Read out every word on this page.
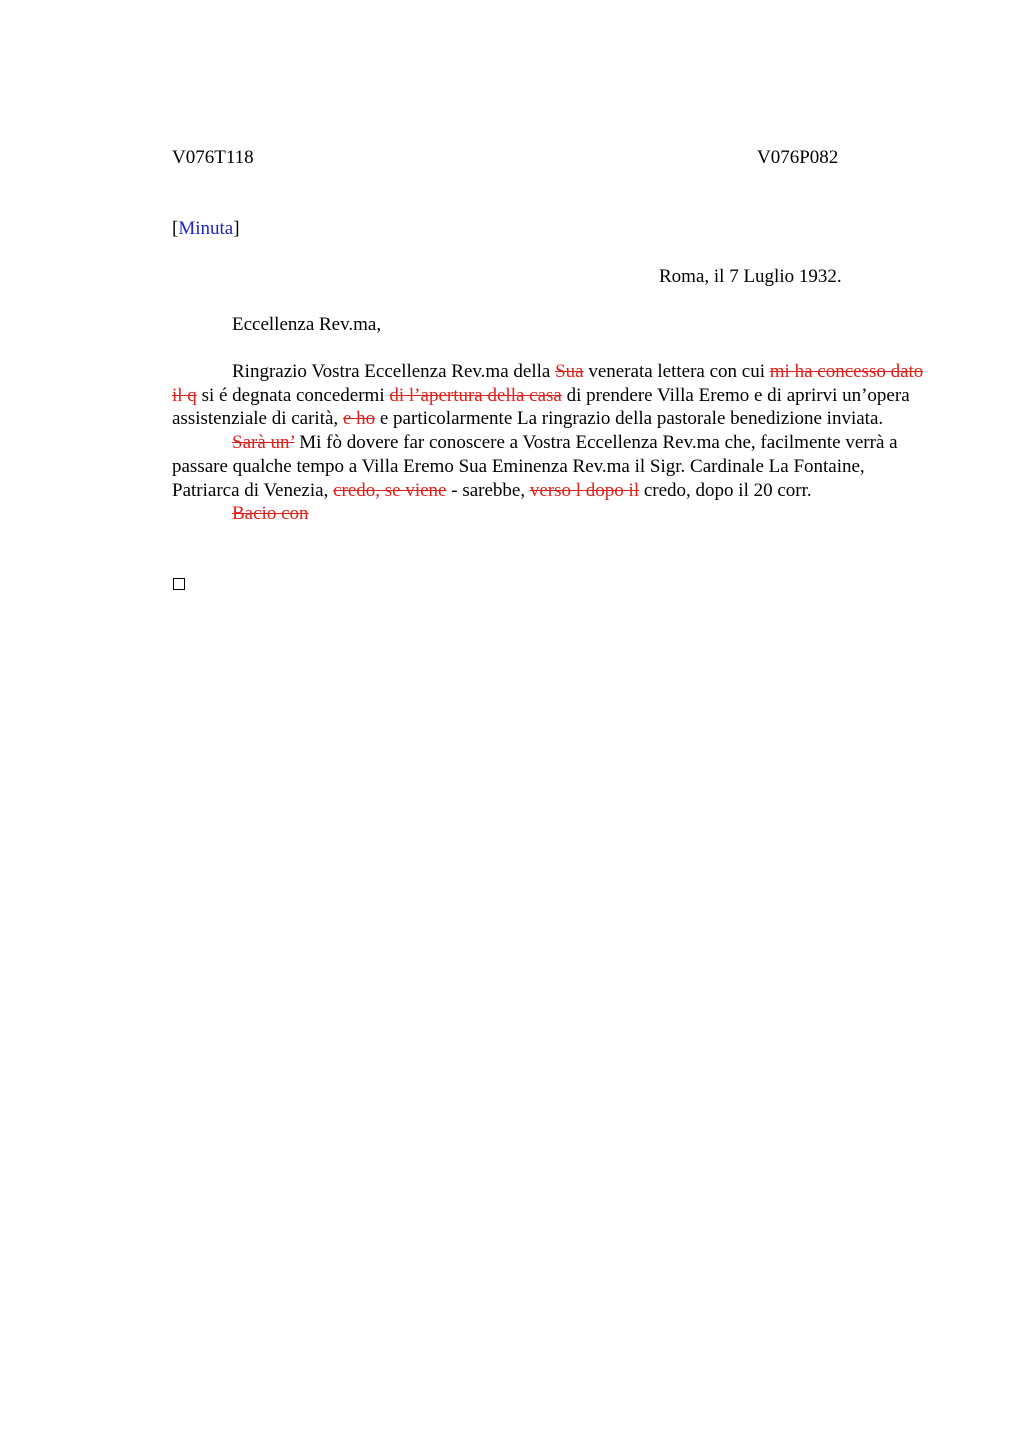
V076T118	V076P082
[Minuta]
Roma, il 7 Luglio 1932.
Eccellenza Rev.ma,

Ringrazio Vostra Eccellenza Rev.ma della Sua venerata lettera con cui mi ha concesso dato il q si é degnata concedermi di l’apertura della casa di prendere Villa Eremo e di aprirvi un’opera assistenziale di carità, e ho e particolarmente La ringrazio della pastorale benedizione inviata.

Sarà un’ Mi fò dovere far conoscere a Vostra Eccellenza Rev.ma che, facilmente verrà a passare qualche tempo a Villa Eremo Sua Eminenza Rev.ma il Sigr. Cardinale La Fontaine, Patriarca di Venezia, credo, se viene - sarebbe, verso l dopo il credo, dopo il 20 corr.

Bacio con
